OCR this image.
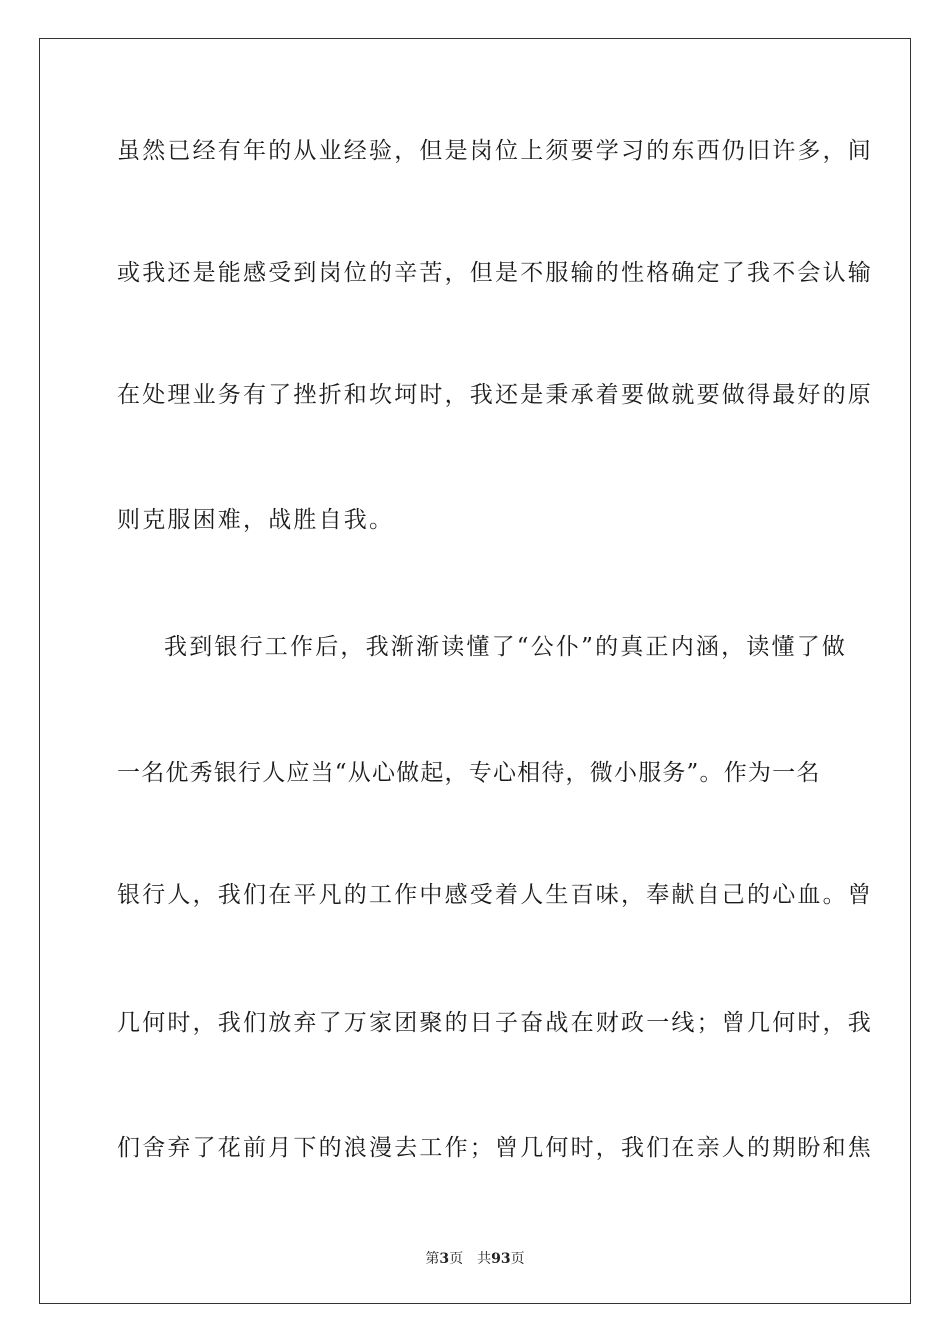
虽然已经有年的从业经验，但是岗位上须要学习的东西仍旧许多，间
或我还是能感受到岗位的辛苦，但是不服输的性格确定了我不会认输
在处理业务有了挫折和坎坷时，我还是秉承着要做就要做得最好的原
则克服困难，战胜自我。
我到银行工作后，我渐渐读懂了“公仆”的真正内涵，读懂了做
一名优秀银行人应当“从心做起，专心相待，微小服务”。作为一名
银行人，我们在平凡的工作中感受着人生百味，奉献自己的心血。曾
几何时，我们放弃了万家团聚的日子奋战在财政一线；曾几何时，我
们舍弃了花前月下的浪漫去工作；曾几何时，我们在亲人的期盼和焦
第3页 共93页
